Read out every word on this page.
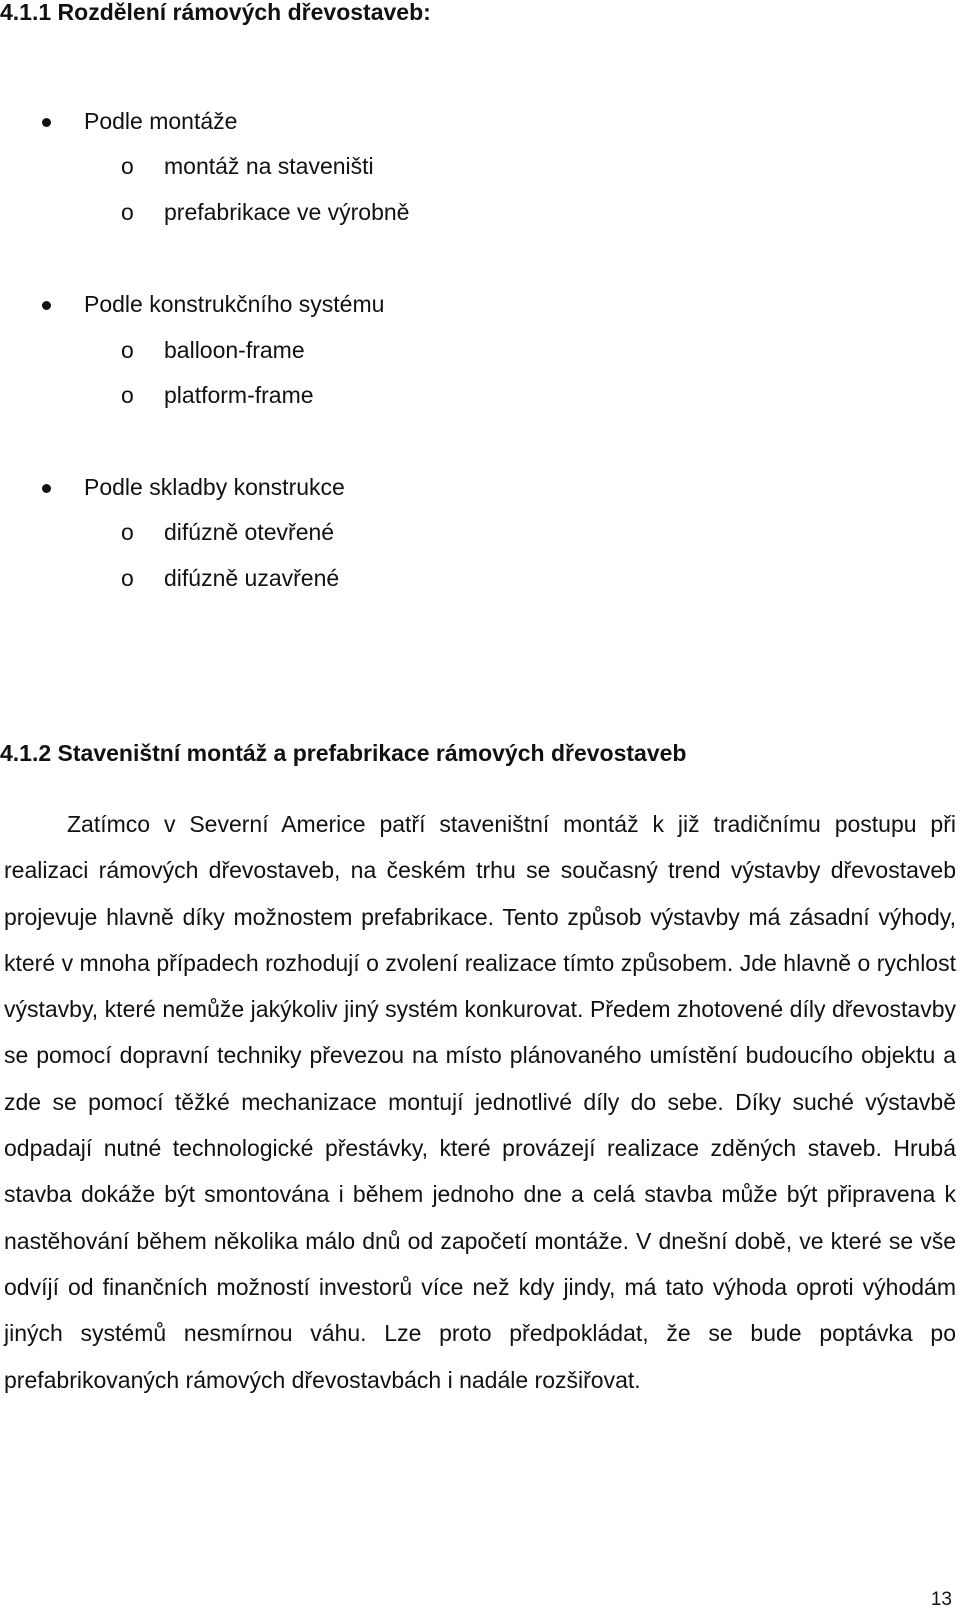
4.1.1 Rozdělení rámových dřevostaveb:
Podle montáže
o montáž na staveništi
o prefabrikace ve výrobně
Podle konstrukčního systému
o balloon-frame
o platform-frame
Podle skladby konstrukce
o difúzně otevřené
o difúzně uzavřené
4.1.2 Staveništní montáž a prefabrikace rámových dřevostaveb

Zatímco v Severní Americe patří staveništní montáž k již tradičnímu postupu při realizaci rámových dřevostaveb, na českém trhu se současný trend výstavby dřevostaveb projevuje hlavně díky možnostem prefabrikace. Tento způsob výstavby má zásadní výhody, které v mnoha případech rozhodují o zvolení realizace tímto způsobem. Jde hlavně o rychlost výstavby, které nemůže jakýkoliv jiný systém konkurovat. Předem zhotovené díly dřevostavby se pomocí dopravní techniky převezou na místo plánovaného umístění budoucího objektu a zde se pomocí těžké mechanizace montují jednotlivé díly do sebe. Díky suché výstavbě odpadají nutné technologické přestávky, které provázejí realizace zděných staveb. Hrubá stavba dokáže být smontována i během jednoho dne a celá stavba může být připravena k nastěhování během několika málo dnů od započetí montáže. V dnešní době, ve které se vše odvíjí od finančních možností investorů více než kdy jindy, má tato výhoda oproti výhodám jiných systémů nesmírnou váhu. Lze proto předpokládat, že se bude poptávka po prefabrikovaných rámových dřevostavbách i nadále rozšiřovat.

13
